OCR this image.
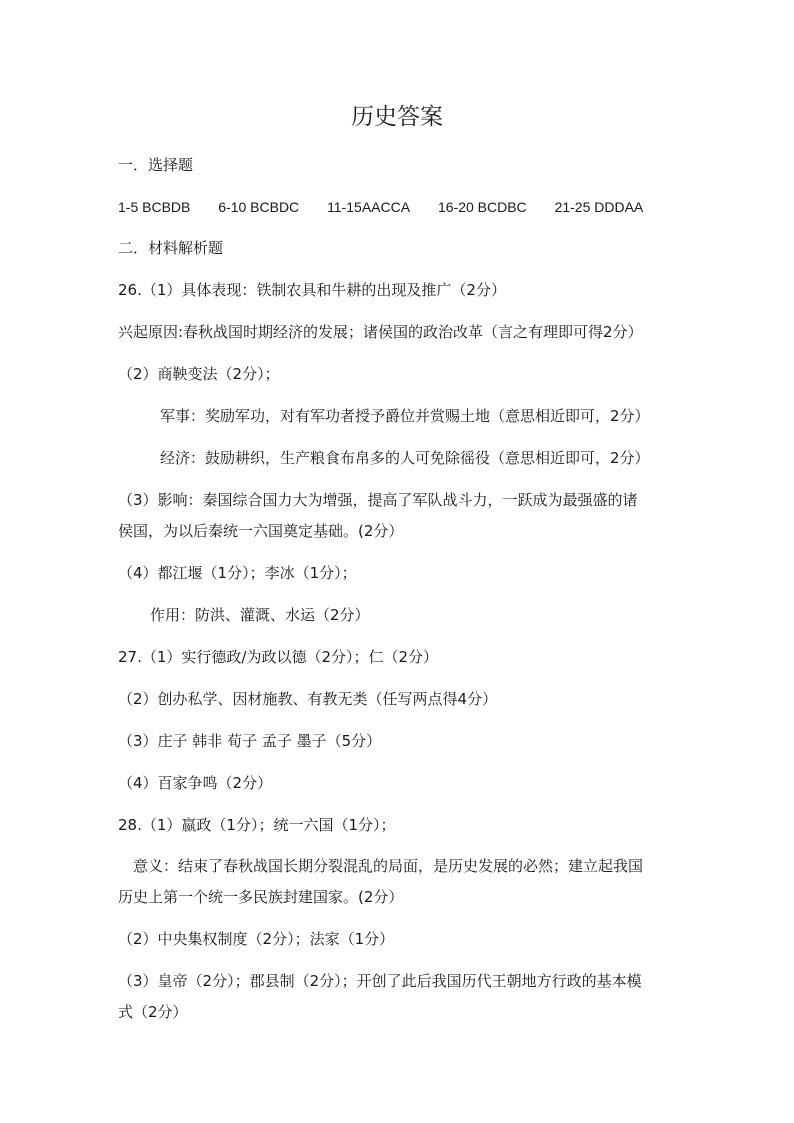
历史答案
一．选择题
1-5 BCBDB 6-10 BCBDC 11-15AACCA 16-20 BCDBC 21-25 DDDAA
二．材料解析题
26.（1）具体表现：铁制农具和牛耕的出现及推广（2分）
兴起原因:春秋战国时期经济的发展；诸侯国的政治改革（言之有理即可得2分）
（2）商鞅变法（2分）；
军事：奖励军功，对有军功者授予爵位并赏赐土地（意思相近即可，2分）
经济：鼓励耕织，生产粮食布帛多的人可免除徭役（意思相近即可，2分）
（3）影响：秦国综合国力大为增强，提高了军队战斗力，一跃成为最强盛的诸
侯国，为以后秦统一六国奠定基础。(2分）
（4）都江堰（1分）；李冰（1分）；
作用：防洪、灌溉、水运（2分）
27.（1）实行德政/为政以德（2分）；仁（2分）
（2）创办私学、因材施教、有教无类（任写两点得4分）
（3）庄子 韩非 荀子 孟子 墨子（5分）
（4）百家争鸣（2分）
28.（1）嬴政（1分）；统一六国（1分）；
意义：结束了春秋战国长期分裂混乱的局面，是历史发展的必然；建立起我国
历史上第一个统一多民族封建国家。(2分）
（2）中央集权制度（2分）；法家（1分）
（3）皇帝（2分）；郡县制（2分）；开创了此后我国历代王朝地方行政的基本模
式（2分）
